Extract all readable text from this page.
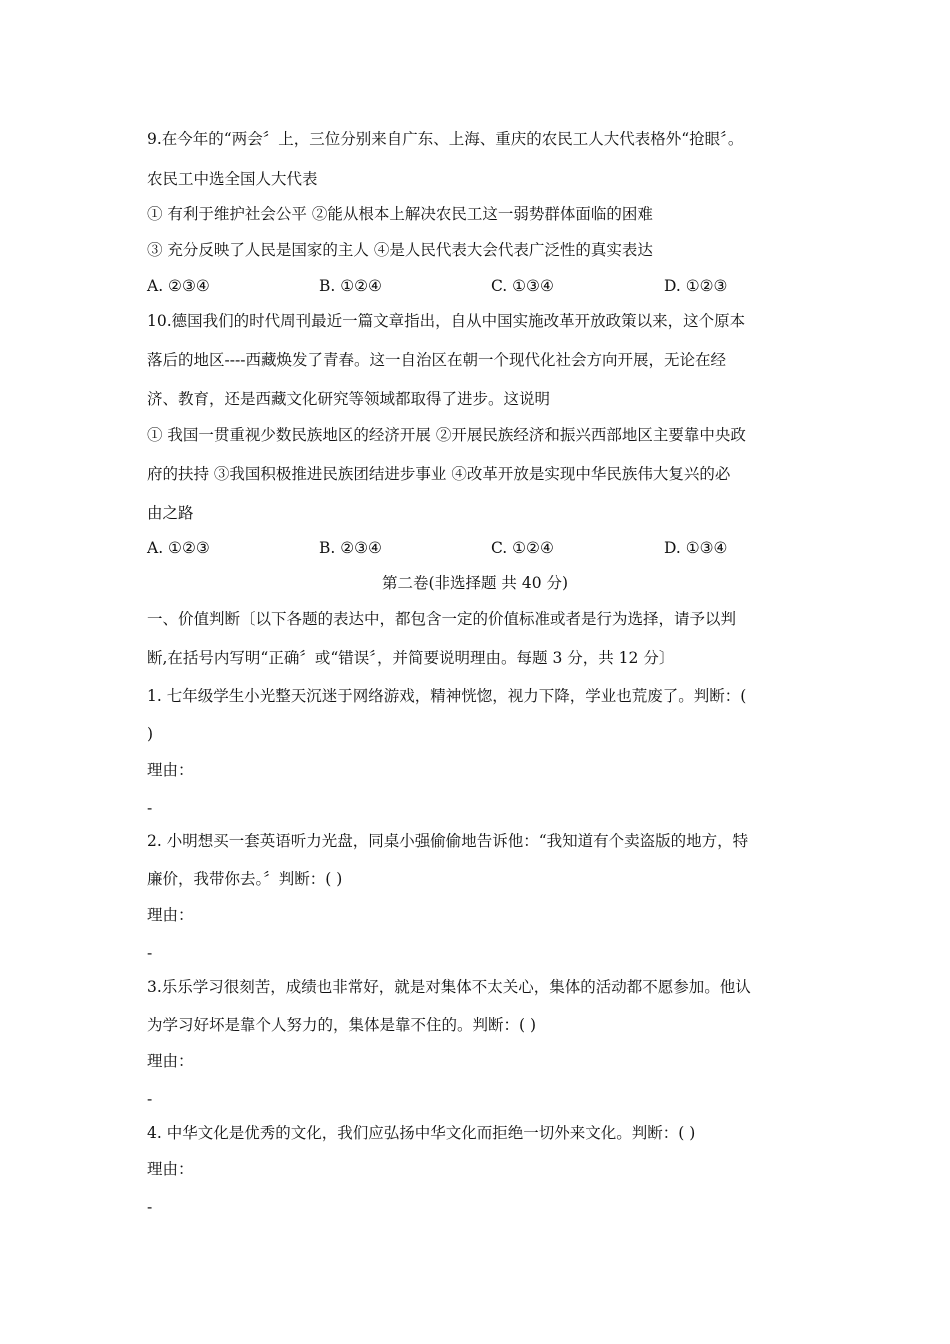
9.在今年的“两会〞上，三位分别来自广东、上海、重庆的农民工人大代表格外“抢眼〞。
农民工中选全国人大代表
① 有利于维护社会公平 ②能从根本上解决农民工这一弱势群体面临的困难
③ 充分反映了人民是国家的主人 ④是人民代表大会代表广泛性的真实表达
A. ②③④	B. ①②④	C. ①③④	D. ①②③
10.德国我们的时代周刊最近一篇文章指出，自从中国实施改革开放政策以来，这个原本
落后的地区----西藏焕发了青春。这一自治区在朝一个现代化社会方向开展，无论在经
济、教育，还是西藏文化研究等领域都取得了进步。这说明
① 我国一贯重视少数民族地区的经济开展 ②开展民族经济和振兴西部地区主要靠中央政
府的扶持 ③我国积极推进民族团结进步事业 ④改革开放是实现中华民族伟大复兴的必
由之路
A. ①②③	B. ②③④	C. ①②④	D. ①③④
第二卷(非选择题 共 40 分)
一、价值判断〔以下各题的表达中，都包含一定的价值标准或者是行为选择，请予以判
断,在括号内写明“正确〞或“错误〞，并简要说明理由。每题 3 分，共 12 分〕
1. 七年级学生小光整天沉迷于网络游戏，精神恍惚，视力下降，学业也荒废了。判断：(
)
理由：
-
2. 小明想买一套英语听力光盘，同桌小强偷偷地告诉他：“我知道有个卖盗版的地方，特
廉价，我带你去。〞判断：( )
理由：
-
3.乐乐学习很刻苦，成绩也非常好，就是对集体不太关心，集体的活动都不愿参加。他认
为学习好坏是靠个人努力的，集体是靠不住的。判断：( )
理由：
-
4. 中华文化是优秀的文化，我们应弘扬中华文化而拒绝一切外来文化。判断：( )
理由：
-
